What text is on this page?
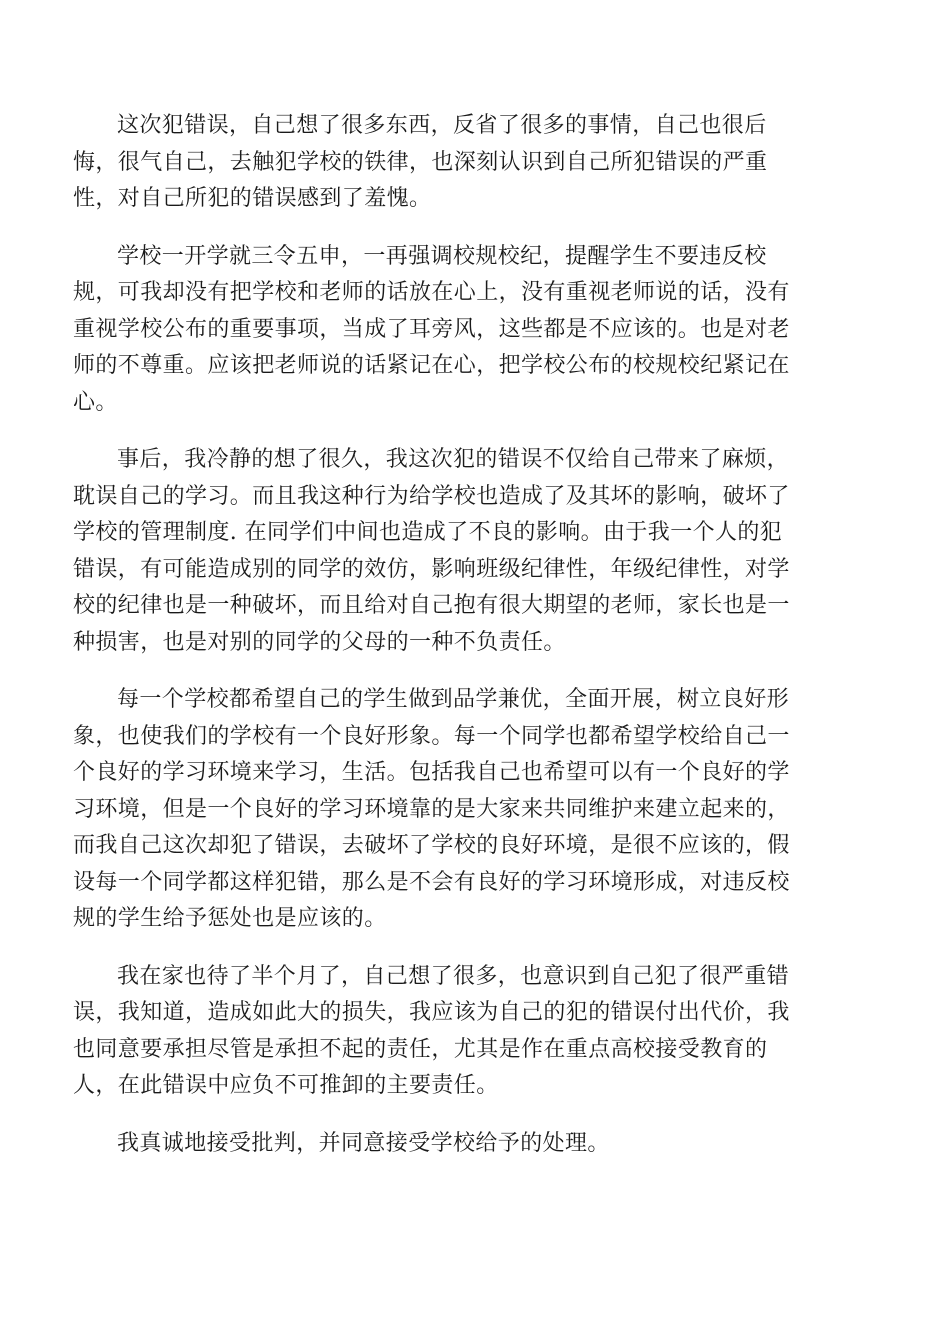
这次犯错误，自己想了很多东西，反省了很多的事情，自己也很后
悔，很气自己，去触犯学校的铁律，也深刻认识到自己所犯错误的严重
性，对自己所犯的错误感到了羞愧。

学校一开学就三令五申，一再强调校规校纪，提醒学生不要违反校
规，可我却没有把学校和老师的话放在心上，没有重视老师说的话，没有
重视学校公布的重要事项，当成了耳旁风，这些都是不应该的。也是对老
师的不尊重。应该把老师说的话紧记在心，把学校公布的校规校纪紧记在
心。

事后，我冷静的想了很久，我这次犯的错误不仅给自己带来了麻烦，
耽误自己的学习。而且我这种行为给学校也造成了及其坏的影响，破坏了
学校的管理制度. 在同学们中间也造成了不良的影响。由于我一个人的犯
错误，有可能造成别的同学的效仿，影响班级纪律性，年级纪律性，对学
校的纪律也是一种破坏，而且给对自己抱有很大期望的老师，家长也是一
种损害，也是对别的同学的父母的一种不负责任。

每一个学校都希望自己的学生做到品学兼优，全面开展，树立良好形
象，也使我们的学校有一个良好形象。每一个同学也都希望学校给自己一
个良好的学习环境来学习，生活。包括我自己也希望可以有一个良好的学
习环境，但是一个良好的学习环境靠的是大家来共同维护来建立起来的，
而我自己这次却犯了错误，去破坏了学校的良好环境，是很不应该的，假
设每一个同学都这样犯错，那么是不会有良好的学习环境形成，对违反校
规的学生给予惩处也是应该的。

我在家也待了半个月了，自己想了很多，也意识到自己犯了很严重错
误，我知道，造成如此大的损失，我应该为自己的犯的错误付出代价，我
也同意要承担尽管是承担不起的责任，尤其是作在重点高校接受教育的
人，在此错误中应负不可推卸的主要责任。

我真诚地接受批判，并同意接受学校给予的处理。
